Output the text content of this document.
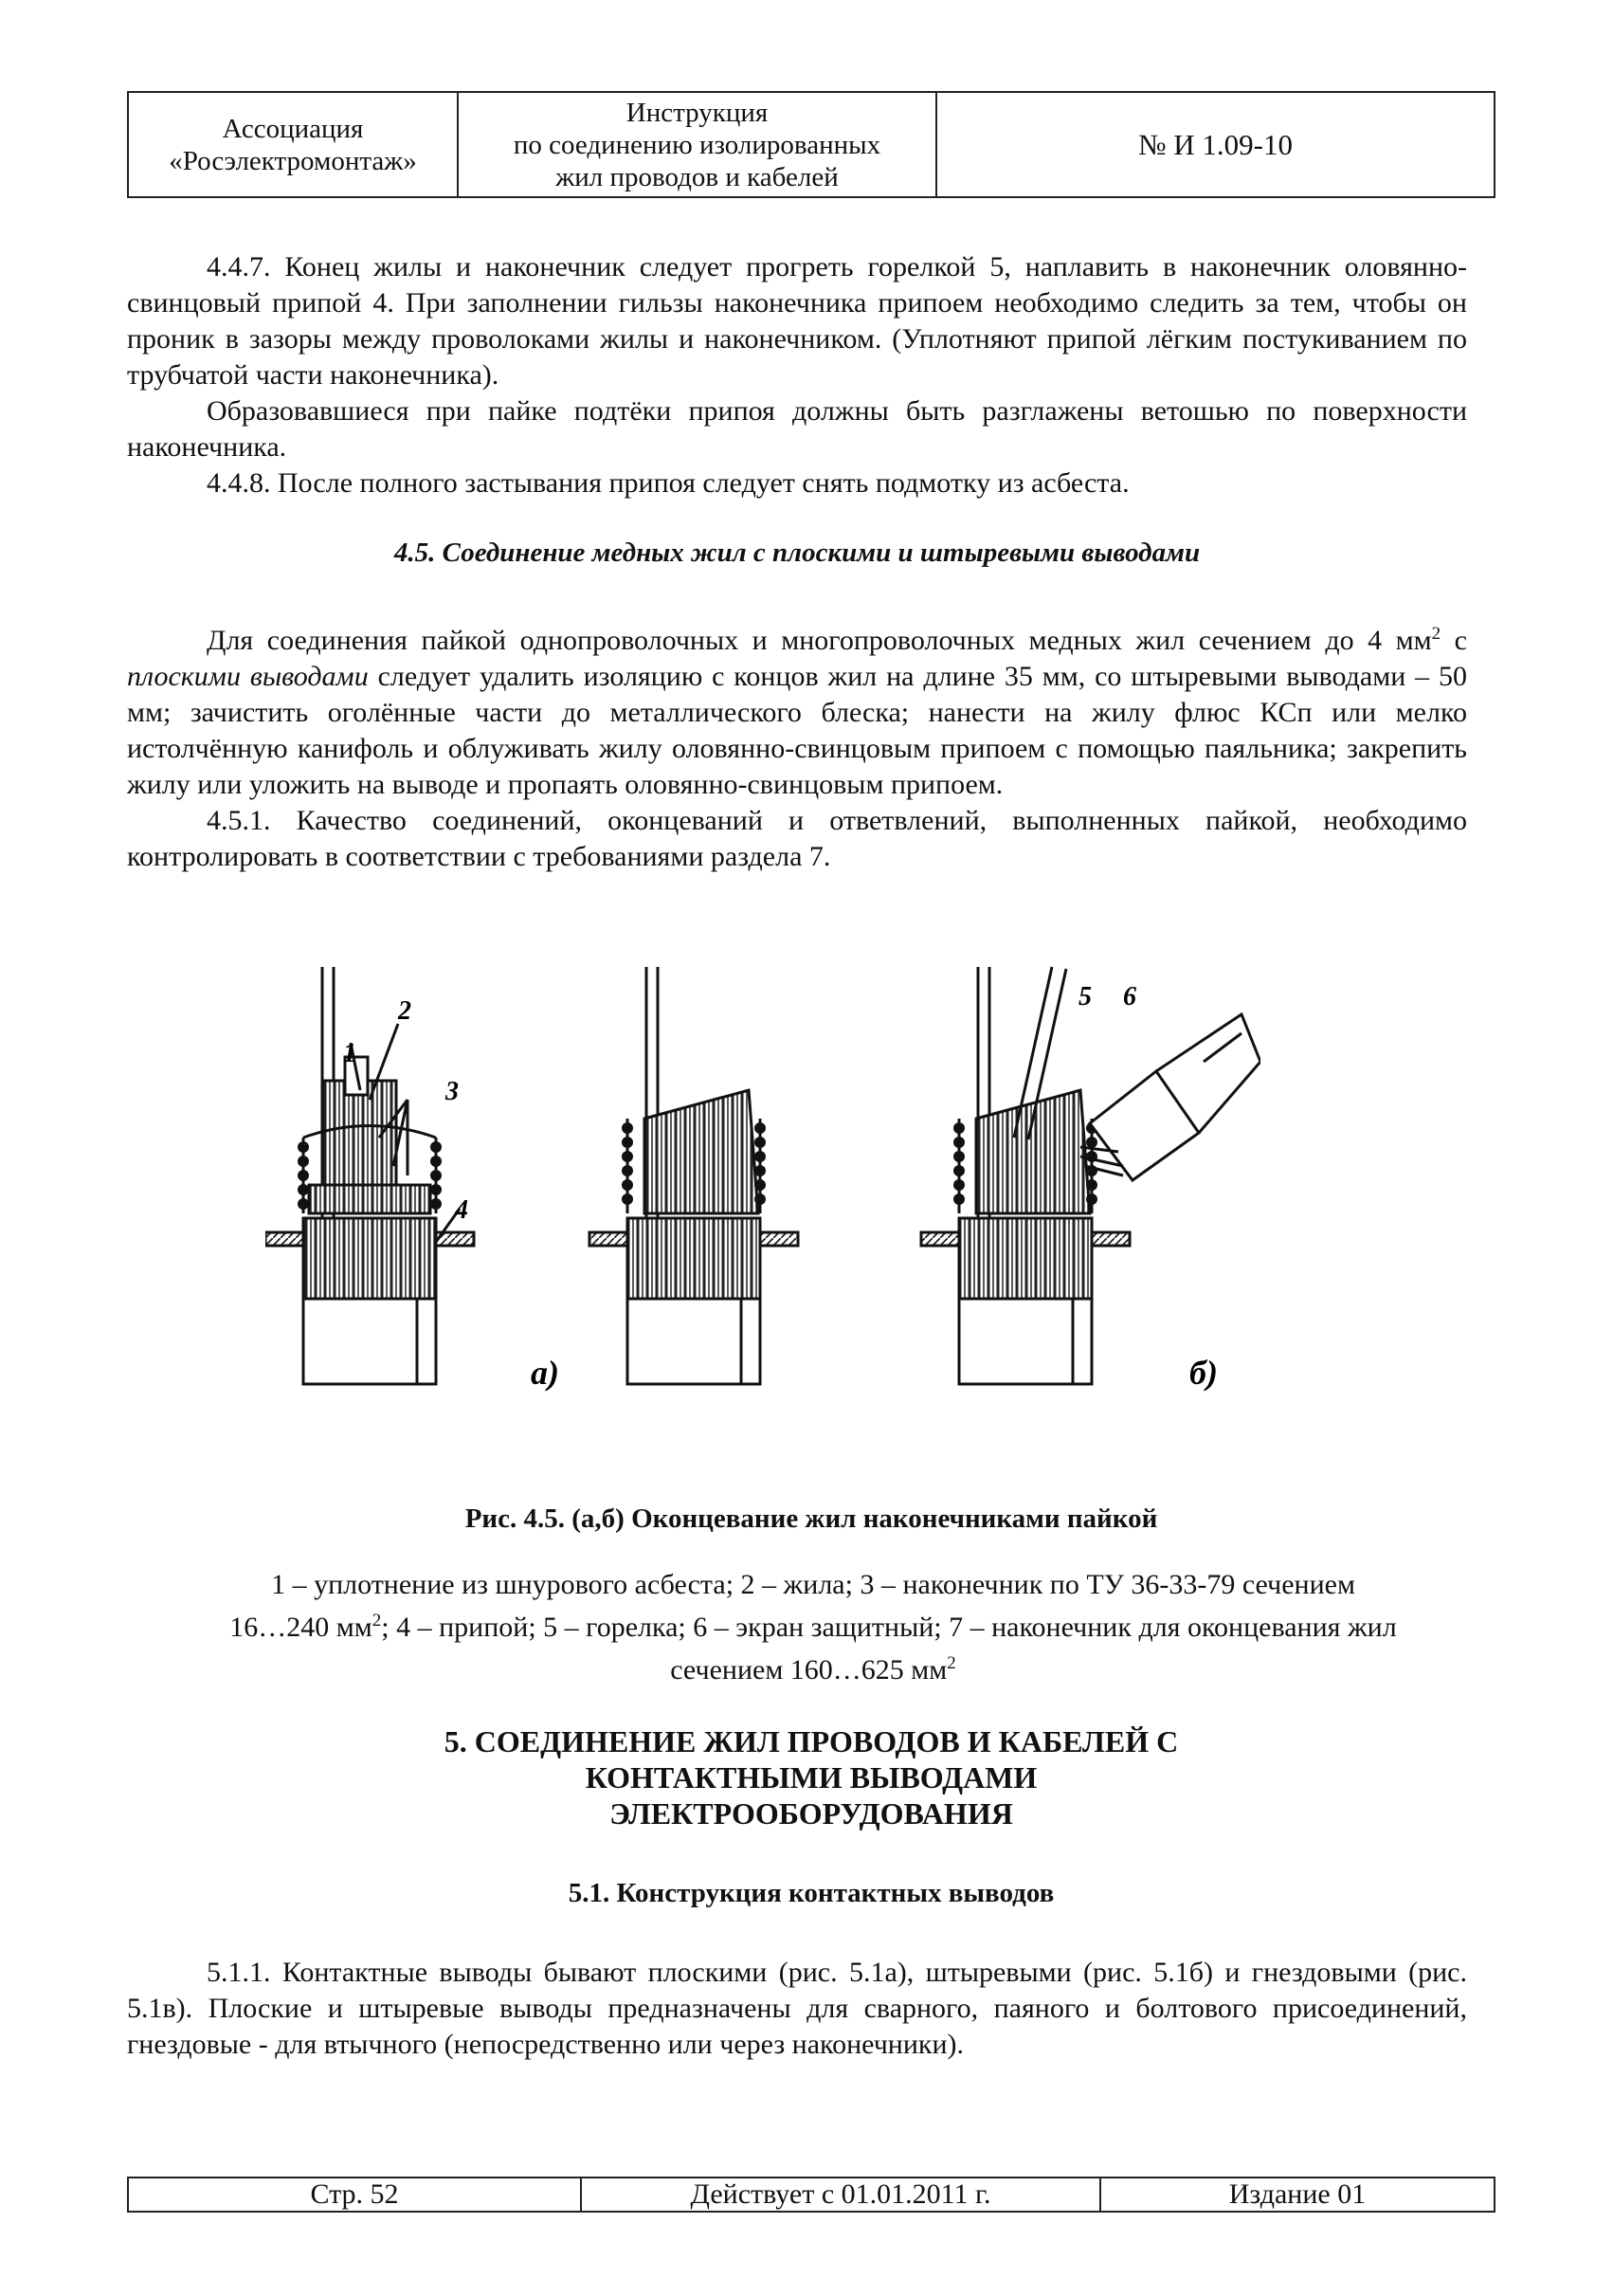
Ассоциация
«Росэлектромонтаж»
Инструкция
по соединению изолированных
жил проводов и кабелей
№ И 1.09-10

4.4.7. Конец жилы и наконечник следует прогреть горелкой 5, наплавить в наконечник оловянно-свинцовый припой 4. При заполнении гильзы наконечника припоем необходимо следить за тем, чтобы он проник в зазоры между проволоками жилы и наконечником. (Уплотняют припой лёгким постукиванием по трубчатой части наконечника).

Образовавшиеся при пайке подтёки припоя должны быть разглажены ветошью по поверхности наконечника.

4.4.8. После полного застывания припоя следует снять подмотку из асбеста.

4.5. Соединение медных жил с плоскими и штыревыми выводами

Для соединения пайкой однопроволочных и многопроволочных медных жил сечением до 4 $мм^2$ с плоскими выводами следует удалить изоляцию с концов жил на длине 35 мм, со штыревыми выводами – 50 мм; зачистить оголённые части до металлического блеска; нанести на жилу флюс КСп или мелко истолчённую канифоль и облуживать жилу оловянно-свинцовым припоем с помощью паяльника; закрепить жилу или уложить на выводе и пропаять оловянно-свинцовым припоем.

4.5.1. Качество соединений, оконцеваний и ответвлений, выполненных пайкой, необходимо контролировать в соответствии с требованиями раздела 7.

1
2
3
4
а)
5 6
б)
Рис. 4.5. (а,б) Оконцевание жил наконечниками пайкой
1 – уплотнение из шнурового асбеста; 2 – жила; 3 – наконечник по ТУ 36-33-79 сечением
16…240 $мм^2$; 4 – припой; 5 – горелка; 6 – экран защитный; 7 – наконечник для оконцевания жил
сечением 160…625 $мм^2$
5. СОЕДИНЕНИЕ ЖИЛ ПРОВОДОВ И КАБЕЛЕЙ С
КОНТАКТНЫМИ ВЫВОДАМИ
ЭЛЕКТРООБОРУДОВАНИЯ
5.1. Конструкция контактных выводов

5.1.1. Контактные выводы бывают плоскими (рис. 5.1а), штыревыми (рис. 5.1б) и гнездовыми (рис. 5.1в). Плоские и штыревые выводы предназначены для сварного, паяного и болтового присоединений, гнездовые - для втычного (непосредственно или через наконечники).

Стр. 52	Действует с 01.01.2011 г.	Издание 01
